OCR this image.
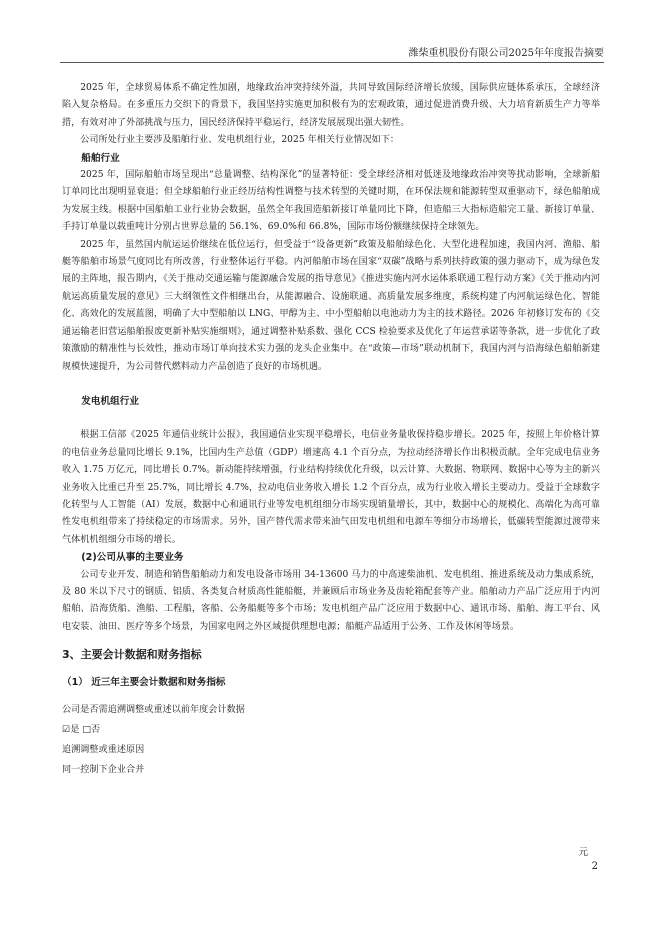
潍柴重机股份有限公司2025年年度报告摘要

2025 年，全球贸易体系不确定性加剧，地缘政治冲突持续外溢，共同导致国际经济增长放缓，国际供应链体系承压，全球经济陷入复杂格局。在多重压力交织下的背景下，我国坚持实施更加积极有为的宏观政策，通过促进消费升级、大力培育新质生产力等举措，有效对冲了外部挑战与压力，国民经济保持平稳运行，经济发展展现出强大韧性。

公司所处行业主要涉及船舶行业、发电机组行业，2025 年相关行业情况如下：

船舶行业

2025 年，国际船舶市场呈现出“总量调整、结构深化”的显著特征：受全球经济相对低迷及地缘政治冲突等扰动影响，全球新船订单同比出现明显衰退；但全球船舶行业正经历结构性调整与技术转型的关键时期，在环保法规和能源转型双重驱动下，绿色船舶成为发展主线。根据中国船舶工业行业协会数据，虽然全年我国造船新接订单量同比下降，但造船三大指标造船完工量、新接订单量、手持订单量以载重吨计分别占世界总量的 56.1%、69.0%和 66.8%，国际市场份额继续保持全球领先。

2025 年，虽然国内航运运价继续在低位运行，但受益于“设备更新”政策及船舶绿色化、大型化进程加速，我国内河、渔船、船艇等船舶市场景气度同比有所改善，行业整体运行平稳。内河船舶市场在国家“双碳”战略与系列扶持政策的强力驱动下，成为绿色发展的主阵地，报告期内，《关于推动交通运输与能源融合发展的指导意见》《推进实施内河水运体系联通工程行动方案》《关于推动内河航运高质量发展的意见》三大纲领性文件相继出台，从能源融合、设施联通、高质量发展多维度，系统构建了内河航运绿色化、智能化、高效化的发展蓝图，明确了大中型船舶以 LNG、甲醇为主、中小型船舶以电池动力为主的技术路径。2026 年初修订发布的《交通运输老旧营运船舶报废更新补贴实施细则》，通过调整补贴系数、强化 CCS 检验要求及优化了年运营承诺等条款，进一步优化了政策激励的精准性与长效性，推动市场订单向技术实力强的龙头企业集中。在“政策—市场”联动机制下，我国内河与沿海绿色船舶新建规模快速提升，为公司替代燃料动力产品创造了良好的市场机遇。

发电机组行业

根据工信部《2025 年通信业统计公报》，我国通信业实现平稳增长，电信业务量收保持稳步增长。2025 年，按照上年价格计算的电信业务总量同比增长 9.1%，比国内生产总值（GDP）增速高 4.1 个百分点，为拉动经济增长作出积极贡献。全年完成电信业务收入 1.75 万亿元，同比增长 0.7%。新动能持续增强，行业结构持续优化升级，以云计算、大数据、物联网、数据中心等为主的新兴业务收入比重已升至 25.7%，同比增长 4.7%，拉动电信业务收入增长 1.2 个百分点，成为行业收入增长主要动力。受益于全球数字化转型与人工智能（AI）发展，数据中心和通讯行业等发电机组细分市场实现销量增长，其中，数据中心的规模化、高端化为高可靠性发电机组带来了持续稳定的市场需求。另外，国产替代需求带来油气田发电机组和电源车等细分市场增长，低碳转型能源过渡带来气体机机组细分市场的增长。

(2)公司从事的主要业务

公司专业开发、制造和销售船舶动力和发电设备市场用 34-13600 马力的中高速柴油机、发电机组、推进系统及动力集成系统，及 80 米以下尺寸的钢质、铝质、各类复合材质高性能船艇，并兼顾后市场业务及齿轮箱配套等产业。船舶动力产品广泛应用于内河船舶、沿海货船、渔船、工程船，客船、公务船艇等多个市场；发电机组产品广泛应用于数据中心、通讯市场、船舶、海工平台、风电安装、油田、医疗等多个场景，为国家电网之外区域提供理想电源；船艇产品适用于公务、工作及休闲等场景。

3、主要会计数据和财务指标
（1） 近三年主要会计数据和财务指标

公司是否需追溯调整或重述以前年度会计数据

☑是 □否

追溯调整或重述原因

同一控制下企业合并

元
2
